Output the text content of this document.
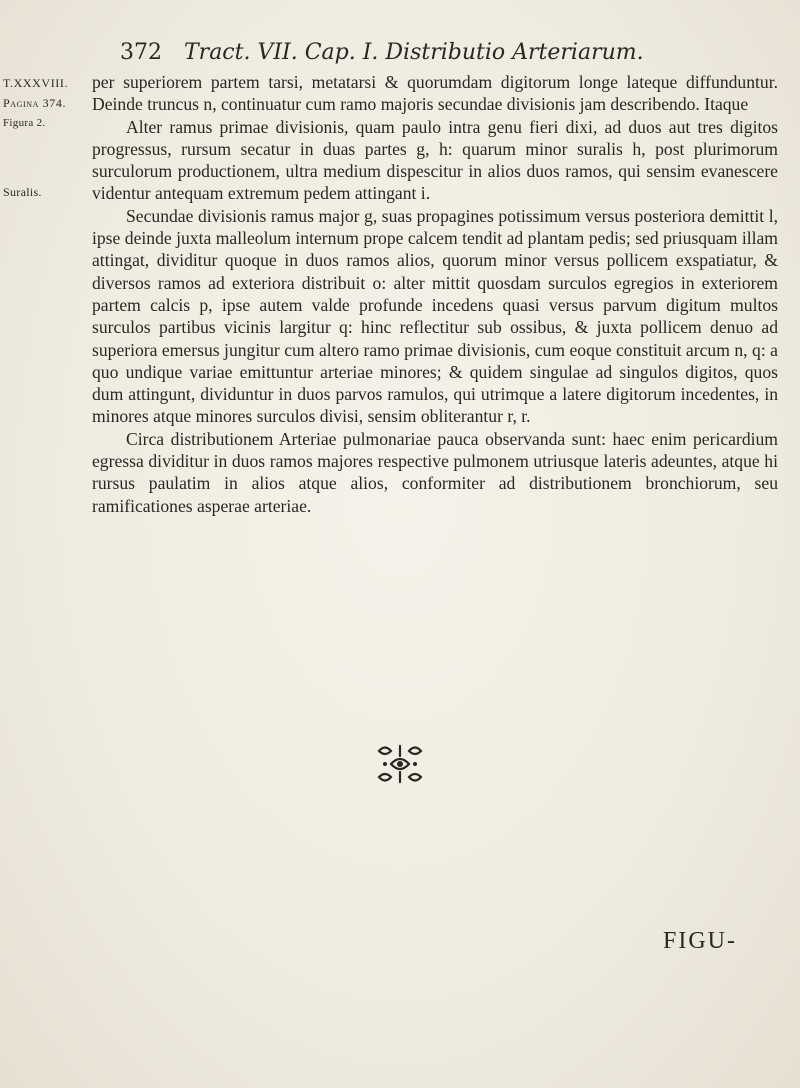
372 Tract. VII. Cap. I. Distributio Arteriarum.
T.XXXVIII.
Pagina 374.
Figura 2.
Suralis.

per superiorem partem tarsi, metatarsi & quorumdam digitorum longe lateque diffunduntur. Deinde truncus n, continuatur cum ramo majoris secundae divisionis jam describendo. Itaque

Alter ramus primae divisionis, quam paulo intra genu fieri dixi, ad duos aut tres digitos progressus, rursum secatur in duas partes g, h: quarum minor suralis h, post plurimorum surculorum productionem, ultra medium dispescitur in alios duos ramos, qui sensim evanescere videntur antequam extremum pedem attingant i.

Secundae divisionis ramus major g, suas propagines potissimum versus posteriora demittit l, ipse deinde juxta malleolum internum prope calcem tendit ad plantam pedis; sed priusquam illam attingat, dividitur quoque in duos ramos alios, quorum minor versus pollicem exspatiatur, & diversos ramos ad exteriora distribuit o: alter mittit quosdam surculos egregios in exteriorem partem calcis p, ipse autem valde profunde incedens quasi versus parvum digitum multos surculos partibus vicinis largitur q: hinc reflectitur sub ossibus, & juxta pollicem denuo ad superiora emersus jungitur cum altero ramo primae divisionis, cum eoque constituit arcum n, q: a quo undique variae emittuntur arteriae minores; & quidem singulae ad singulos digitos, quos dum attingunt, dividuntur in duos parvos ramulos, qui utrimque a latere digitorum incedentes, in minores atque minores surculos divisi, sensim obliterantur r, r.

Circa distributionem Arteriae pulmonariae pauca observanda sunt: haec enim pericardium egressa dividitur in duos ramos majores respective pulmonem utriusque lateris adeuntes, atque hi rursus paulatim in alios atque alios, conformiter ad distributionem bronchiorum, seu ramificationes asperae arteriae.

FIGU-
